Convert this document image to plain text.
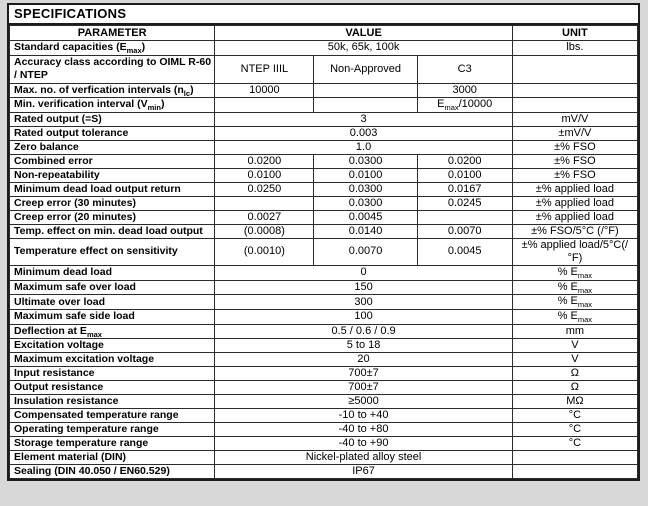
SPECIFICATIONS
PARAMETER	VALUE			UNIT
Standard capacities $(E_{max})$	50k, 65k, 100k			lbs.
Accuracy class according to OIML R-60 / NTEP	NTEP IIIL	Non-Approved	C3	
Max. no. of verfication intervals $(n_{lc})$	10000		3000	
Min. verification interval $(V_{min})$			$E_{max}/10000$	
Rated output (=S)	3			mV/V
Rated output tolerance	0.003			±mV/V
Zero balance	1.0			±% FSO
Combined error	0.0200	0.0300	0.0200	±% FSO
Non-repeatability	0.0100	0.0100	0.0100	±% FSO
Minimum dead load output return	0.0250	0.0300	0.0167	±% applied load
Creep error (30 minutes)		0.0300	0.0245	±% applied load
Creep error (20 minutes)	0.0027	0.0045		±% applied load
Temp. effect on min. dead load output	(0.0008)	0.0140	0.0070	±% FSO/5°C (/°F)
Temperature effect on sensitivity	(0.0010)	0.0070	0.0045	±% applied load/5°C(/°F)
Minimum dead load	0			% $E_{max}$
Maximum safe over load	150			% $E_{max}$
Ultimate over load	300			% $E_{max}$
Maximum safe side load	100			% $E_{max}$
Deflection at $E_{max}$	0.5 / 0.6 / 0.9			mm
Excitation voltage	5 to 18			V
Maximum excitation voltage	20			V
Input resistance	700±7			Ω
Output resistance	700±7			Ω
Insulation resistance	≥5000			MΩ
Compensated temperature range	-10 to +40			°C
Operating temperature range	-40 to +80			°C
Storage temperature range	-40 to +90			°C
Element material (DIN)	Nickel-plated alloy steel			
Sealing (DIN 40.050 / EN60.529)	IP67			
